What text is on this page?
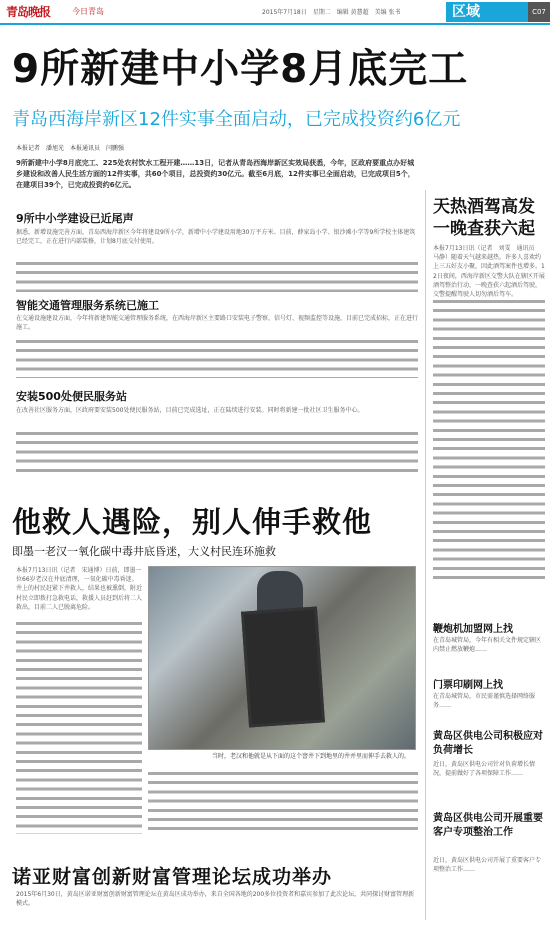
青岛晚报	今日青岛	2015年7月18日　星期二　编辑 黄慧超　美编 张书	区域	C07
9所新建中小学8月底完工
青岛西海岸新区12件实事全面启动，已完成投资约6亿元
本报记者　潘旭光　本报通讯员　闫鹏强
9所新建中小学8月底完工、225处农村饮水工程开建……13日，记者从青岛西海岸新区实效局获悉，今年，区政府要重点办好城乡建设和改善人民生活方面的12件实事，共60个项目，总投资约30亿元。截至6月底，12件实事已全面启动，已完成项目5个，在建项目39个，已完成投资约6亿元。
9所中小学建设已近尾声
据悉，新增设施完善方面，青岛西海岸新区今年将建设9所小学，新增中小学建设用地30万平方米。目前，薛家岛小学、银沙滩小学等9所学校主体建筑已经完工，正在进行内部装修，计划8月底交付使用。
智能交通管理服务系统已施工
在交通设施建设方面，今年将新建智能交通管理服务系统，在西海岸新区主要路口安装电子警察、信号灯、视频监控等设施，目前已完成招标，正在进行施工。
安装500处便民服务站
在改善社区服务方面，区政府要安装500处便民服务站，目前已完成选址，正在陆续进行安装。同时将新建一批社区卫生服务中心。
天热酒驾高发一晚查获六起
本报7月13日讯（记者　刘雯　通讯员　马静）随着天气越来越热，许多人喜欢约上三五好友小聚，因此酒驾案件也增多。12日夜间，西海岸新区交警大队在辖区开展酒驾整治行动，一晚查获六起酒后驾驶，交警提醒驾驶人切勿酒后驾车。
鞭炮机加盟网上找
在青岛城管局，今年有相关文件规定辖区内禁止燃放鞭炮……
门票印刷网上找
在青岛城管局，市民需谨慎选择网络服务……
黄岛区供电公司积极应对负荷增长
近日，黄岛区供电公司针对负荷增长情况，提前做好了各项保障工作……
黄岛区供电公司开展重要客户专项整治工作
近日，黄岛区供电公司开展了重要客户专项整治工作……
他救人遇险，别人伸手救他
即墨一老汉一氧化碳中毒井底昏迷，大义村民连环施救
本报7月13日讯（记者　宋通博）日前，即墨一位66岁老汉在井底清理，一氧化碳中毒昏迷。井上的村民赶紧下井救人，结果也被熏倒，附近村民立即拨打急救电话，救援人员赶到后将二人救出，目前二人已脱离危险。
当时，老汉和他就是从下面的这个窨井下到地里的井并里而伸手去救人的。
诺亚财富创新财富管理论坛成功举办
2015年6月30日，黄岛区诺亚财富创新财富管理论坛在黄岛区成功举办，来自全国各地的200多位投资者和嘉宾参加了此次论坛，共同探讨财富管理新模式。
